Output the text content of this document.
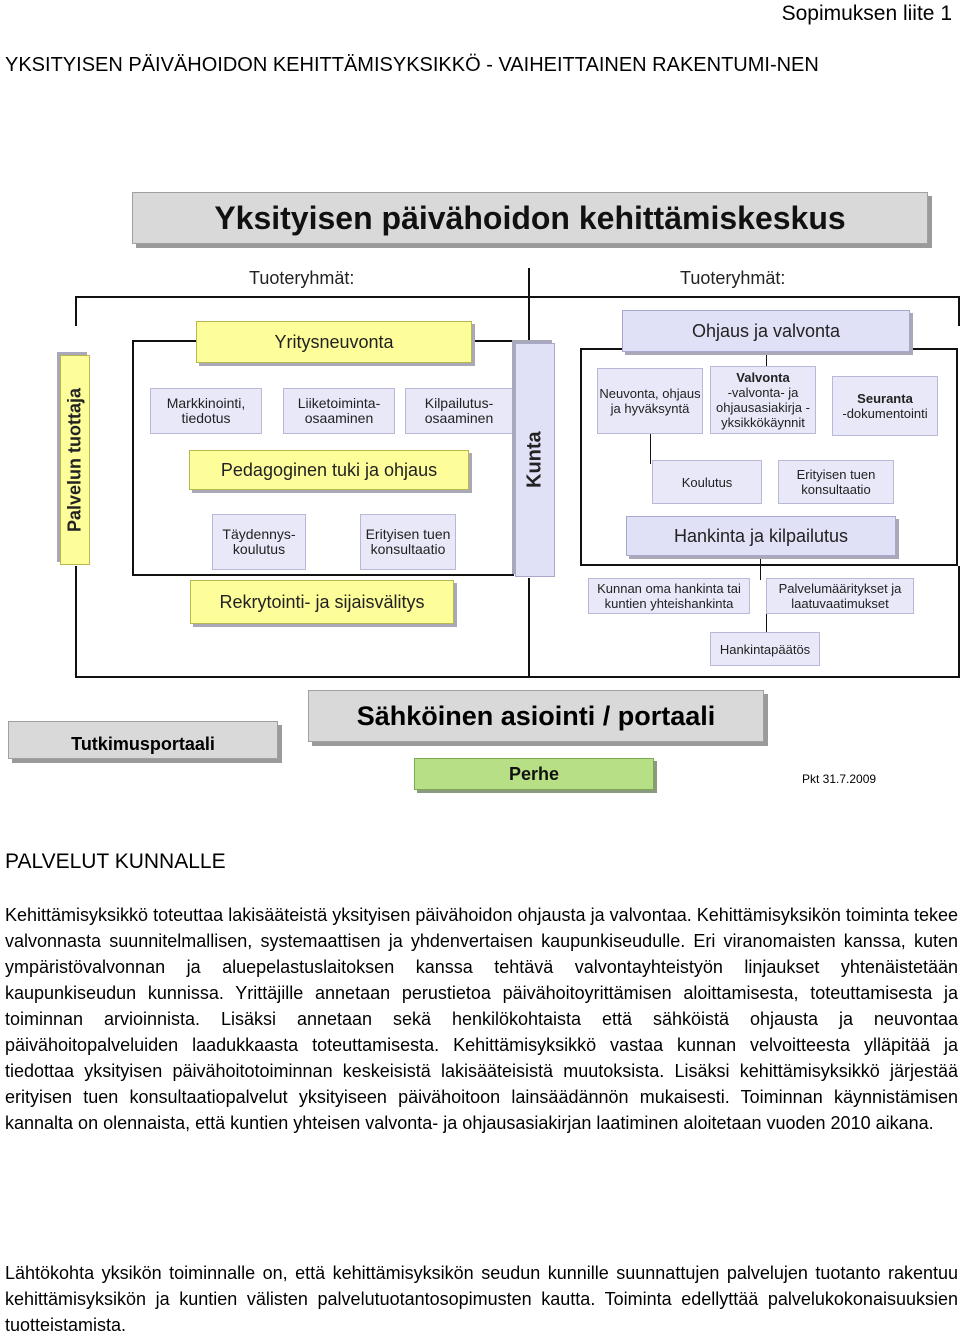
Sopimuksen liite 1
YKSITYISEN PÄIVÄHOIDON KEHITTÄMISYKSIKKÖ - VAIHEITTAINEN RAKENTUMI-NEN
Yksityisen päivähoidon kehittämiskeskus
Tuoteryhmät:	Tuoteryhmät:
Palvelun tuottaja
Yritysneuvonta
Markkinointi, tiedotus
Liiketoiminta- osaaminen
Kilpailutus- osaaminen
Pedagoginen tuki ja ohjaus
Täydennys- koulutus
Erityisen tuen konsultaatio
Rekrytointi- ja sijaisvälitys
Kunta
Ohjaus ja valvonta
Neuvonta, ohjaus ja hyväksyntä
Valvonta
-valvonta- ja ohjausasiakirja -yksikkökäynnit
Seuranta
-dokumentointi
Koulutus	Erityisen tuen konsultaatio
Hankinta ja kilpailutus
Kunnan oma hankinta tai kuntien yhteishankinta
Palvelumääritykset ja laatuvaatimukset
Hankintapäätös
Tutkimusportaali
Sähköinen asiointi / portaali
Perhe	Pkt 31.7.2009
PALVELUT KUNNALLE

Kehittämisyksikkö toteuttaa lakisääteistä yksityisen päivähoidon ohjausta ja valvontaa. Kehittämisyksikön toiminta tekee valvonnasta suunnitelmallisen, systemaattisen ja yhdenvertaisen kaupunkiseudulle. Eri viranomaisten kanssa, kuten ympäristövalvonnan ja aluepelastuslaitoksen kanssa tehtävä valvontayhteistyön linjaukset yhtenäistetään kaupunkiseudun kunnissa. Yrittäjille annetaan perustietoa päivähoitoyrittämisen aloittamisesta, toteuttamisesta ja toiminnan arvioinnista. Lisäksi annetaan sekä henkilökohtaista että sähköistä ohjausta ja neuvontaa päivähoitopalveluiden laadukkaasta toteuttamisesta. Kehittämisyksikkö vastaa kunnan velvoitteesta ylläpitää ja tiedottaa yksityisen päivähoitotoiminnan keskeisistä lakisääteisistä muutoksista. Lisäksi kehittämisyksikkö järjestää erityisen tuen konsultaatiopalvelut yksityiseen päivähoitoon lainsäädännön mukaisesti. Toiminnan käynnistämisen kannalta on olennaista, että kuntien yhteisen valvonta- ja ohjausasiakirjan laatiminen aloitetaan vuoden 2010 aikana.

Lähtökohta yksikön toiminnalle on, että kehittämisyksikön seudun kunnille suunnattujen palvelujen tuotanto rakentuu kehittämisyksikön ja kuntien välisten palvelutuotantosopimusten kautta. Toiminta edellyttää palvelukokonaisuuksien tuotteistamista.
